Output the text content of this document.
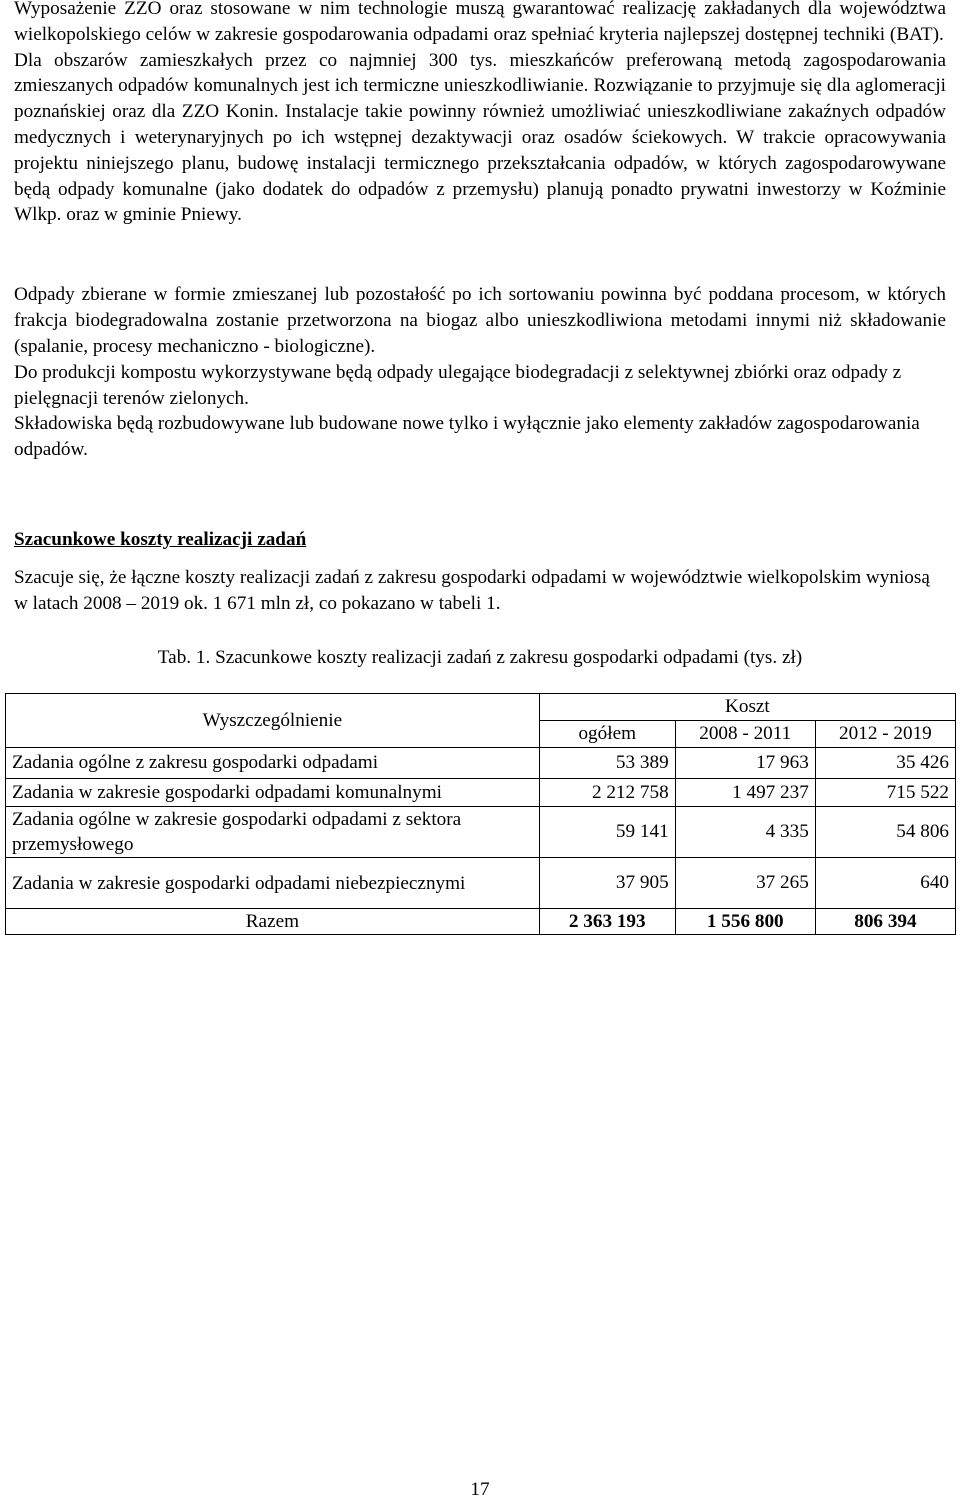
Wyposażenie ZZO oraz stosowane w nim technologie muszą gwarantować realizację zakładanych dla województwa wielkopolskiego celów w zakresie gospodarowania odpadami oraz spełniać kryteria najlepszej dostępnej techniki (BAT).

Dla obszarów zamieszkałych przez co najmniej 300 tys. mieszkańców preferowaną metodą zagospodarowania zmieszanych odpadów komunalnych jest ich termiczne unieszkodliwianie. Rozwiązanie to przyjmuje się dla aglomeracji poznańskiej oraz dla ZZO Konin. Instalacje takie powinny również umożliwiać unieszkodliwiane zakaźnych odpadów medycznych i weterynaryjnych po ich wstępnej dezaktywacji oraz osadów ściekowych. W trakcie opracowywania projektu niniejszego planu, budowę instalacji termicznego przekształcania odpadów, w których zagospodarowywane będą odpady komunalne (jako dodatek do odpadów z przemysłu) planują ponadto prywatni inwestorzy w Koźminie Wlkp. oraz w gminie Pniewy.

Odpady zbierane w formie zmieszanej lub pozostałość po ich sortowaniu powinna być poddana procesom, w których frakcja biodegradowalna zostanie przetworzona na biogaz albo unieszkodliwiona metodami innymi niż składowanie (spalanie, procesy mechaniczno - biologiczne).

Do produkcji kompostu wykorzystywane będą odpady ulegające biodegradacji z selektywnej zbiórki oraz odpady z pielęgnacji terenów zielonych.

Składowiska będą rozbudowywane lub budowane nowe tylko i wyłącznie jako elementy zakładów zagospodarowania odpadów.

Szacunkowe koszty realizacji zadań

Szacuje się, że łączne koszty realizacji zadań z zakresu gospodarki odpadami w województwie wielkopolskim wyniosą w latach 2008 – 2019 ok. 1 671 mln zł, co pokazano w tabeli 1.

Tab. 1. Szacunkowe koszty realizacji zadań z zakresu gospodarki odpadami (tys. zł)

Wyszczególnienie	Koszt		
	ogółem	2008 - 2011	2012 - 2019
Zadania ogólne z zakresu gospodarki odpadami	53 389	17 963	35 426
Zadania w zakresie gospodarki odpadami komunalnymi	2 212 758	1 497 237	715 522
Zadania ogólne w zakresie gospodarki odpadami z sektora przemysłowego	59 141	4 335	54 806
Zadania w zakresie gospodarki odpadami niebezpiecznymi	37 905	37 265	640
Razem	2 363 193	1 556 800	806 394
17
